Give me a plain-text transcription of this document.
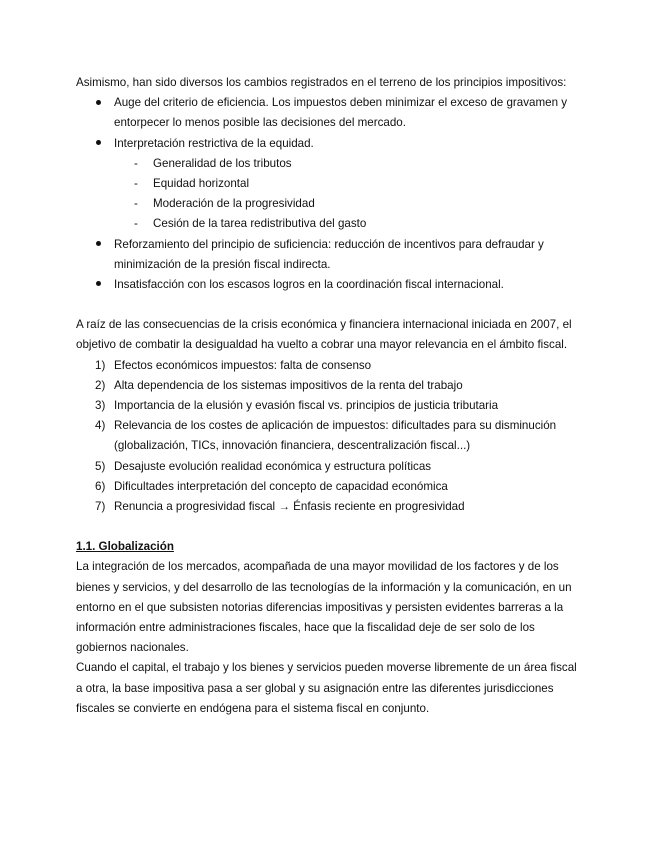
Asimismo, han sido diversos los cambios registrados en el terreno de los principios impositivos:

Auge del criterio de eficiencia. Los impuestos deben minimizar el exceso de gravamen y entorpecer lo menos posible las decisiones del mercado.
Interpretación restrictiva de la equidad.
- Generalidad de los tributos
- Equidad horizontal
- Moderación de la progresividad
- Cesión de la tarea redistributiva del gasto
Reforzamiento del principio de suficiencia: reducción de incentivos para defraudar y minimización de la presión fiscal indirecta.
Insatisfacción con los escasos logros en la coordinación fiscal internacional.

A raíz de las consecuencias de la crisis económica y financiera internacional iniciada en 2007, el objetivo de combatir la desigualdad ha vuelto a cobrar una mayor relevancia en el ámbito fiscal.

1) Efectos económicos impuestos: falta de consenso
2) Alta dependencia de los sistemas impositivos de la renta del trabajo
3) Importancia de la elusión y evasión fiscal vs. principios de justicia tributaria
4) Relevancia de los costes de aplicación de impuestos: dificultades para su disminución (globalización, TICs, innovación financiera, descentralización fiscal...)
5) Desajuste evolución realidad económica y estructura políticas
6) Dificultades interpretación del concepto de capacidad económica
7) Renuncia a progresividad fiscal → Énfasis reciente en progresividad

1.1. Globalización

La integración de los mercados, acompañada de una mayor movilidad de los factores y de los bienes y servicios, y del desarrollo de las tecnologías de la información y la comunicación, en un entorno en el que subsisten notorias diferencias impositivas y persisten evidentes barreras a la información entre administraciones fiscales, hace que la fiscalidad deje de ser solo de los gobiernos nacionales.

Cuando el capital, el trabajo y los bienes y servicios pueden moverse libremente de un área fiscal a otra, la base impositiva pasa a ser global y su asignación entre las diferentes jurisdicciones fiscales se convierte en endógena para el sistema fiscal en conjunto.
